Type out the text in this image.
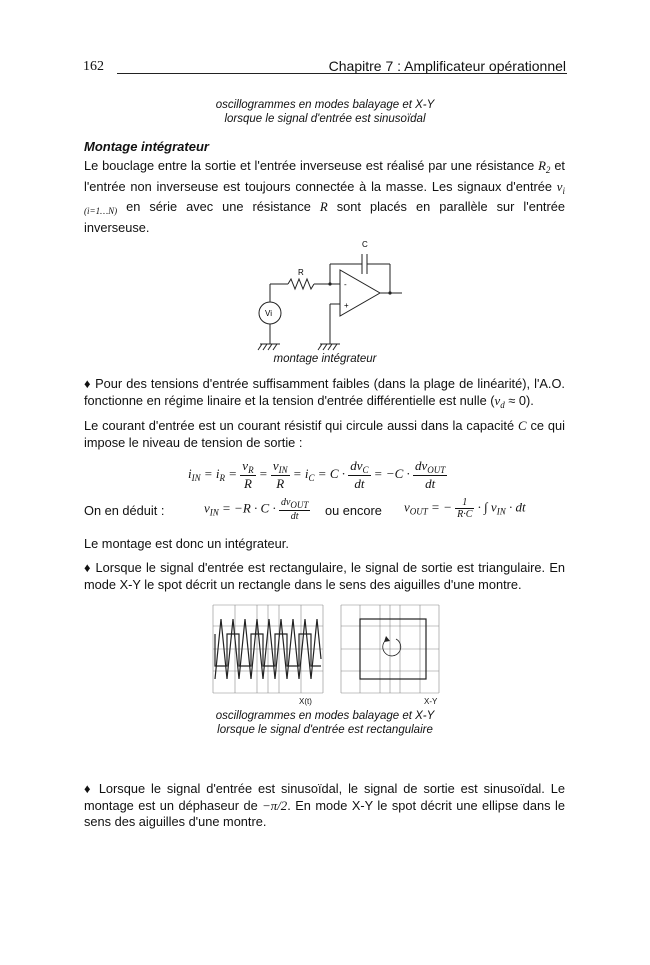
162	Chapitre 7 : Amplificateur opérationnel
oscillogrammes en modes balayage et X-Y
lorsque le signal d'entrée est sinusoïdal
Montage intégrateur
Le bouclage entre la sortie et l'entrée inverseuse est réalisé par une résistance $R_2$ et l'entrée non inverseuse est toujours connectée à la masse. Les signaux d'entrée $v_{i (i=1\dots N)}$ en série avec une résistance R sont placés en parallèle sur l'entrée inverseuse.
C
R
Vi
-
+
montage intégrateur
♦ Pour des tensions d'entrée suffisamment faibles (dans la plage de linéarité), l'A.O. fonctionne en régime linaire et la tension d'entrée différentielle est nulle $(v_d \approx 0)$.
Le courant d'entrée est un courant résistif qui circule aussi dans la capacité C ce qui impose le niveau de tension de sortie :
$i_{IN} = i_R = \frac{v_R}{R} = \frac{v_{IN}}{R} = i_C = C \cdot \frac{dv_C}{dt} = -C \cdot \frac{dv_{OUT}}{dt}$
On en déduit :	$v_{IN} = -R \cdot C \cdot \frac{\text{dvOUT}}{dt}$ ou encore $v_{OUT}$ = − $\frac{1}{R\cdot C}$ · ∫ $v_{IN}$ · dt
Le montage est donc un intégrateur.
♦ Lorsque le signal d'entrée est rectangulaire, le signal de sortie est triangulaire. En mode X-Y le spot décrit un rectangle dans le sens des aiguilles d'une montre.
X(t)	X-Y
oscillogrammes en modes balayage et X-Y
lorsque le signal d'entrée est rectangulaire
♦ Lorsque le signal d'entrée est sinusoïdal, le signal de sortie est sinusoïdal. Le montage est un déphaseur de −π/2. En mode X-Y le spot décrit une ellipse dans le sens des aiguilles d'une montre.
